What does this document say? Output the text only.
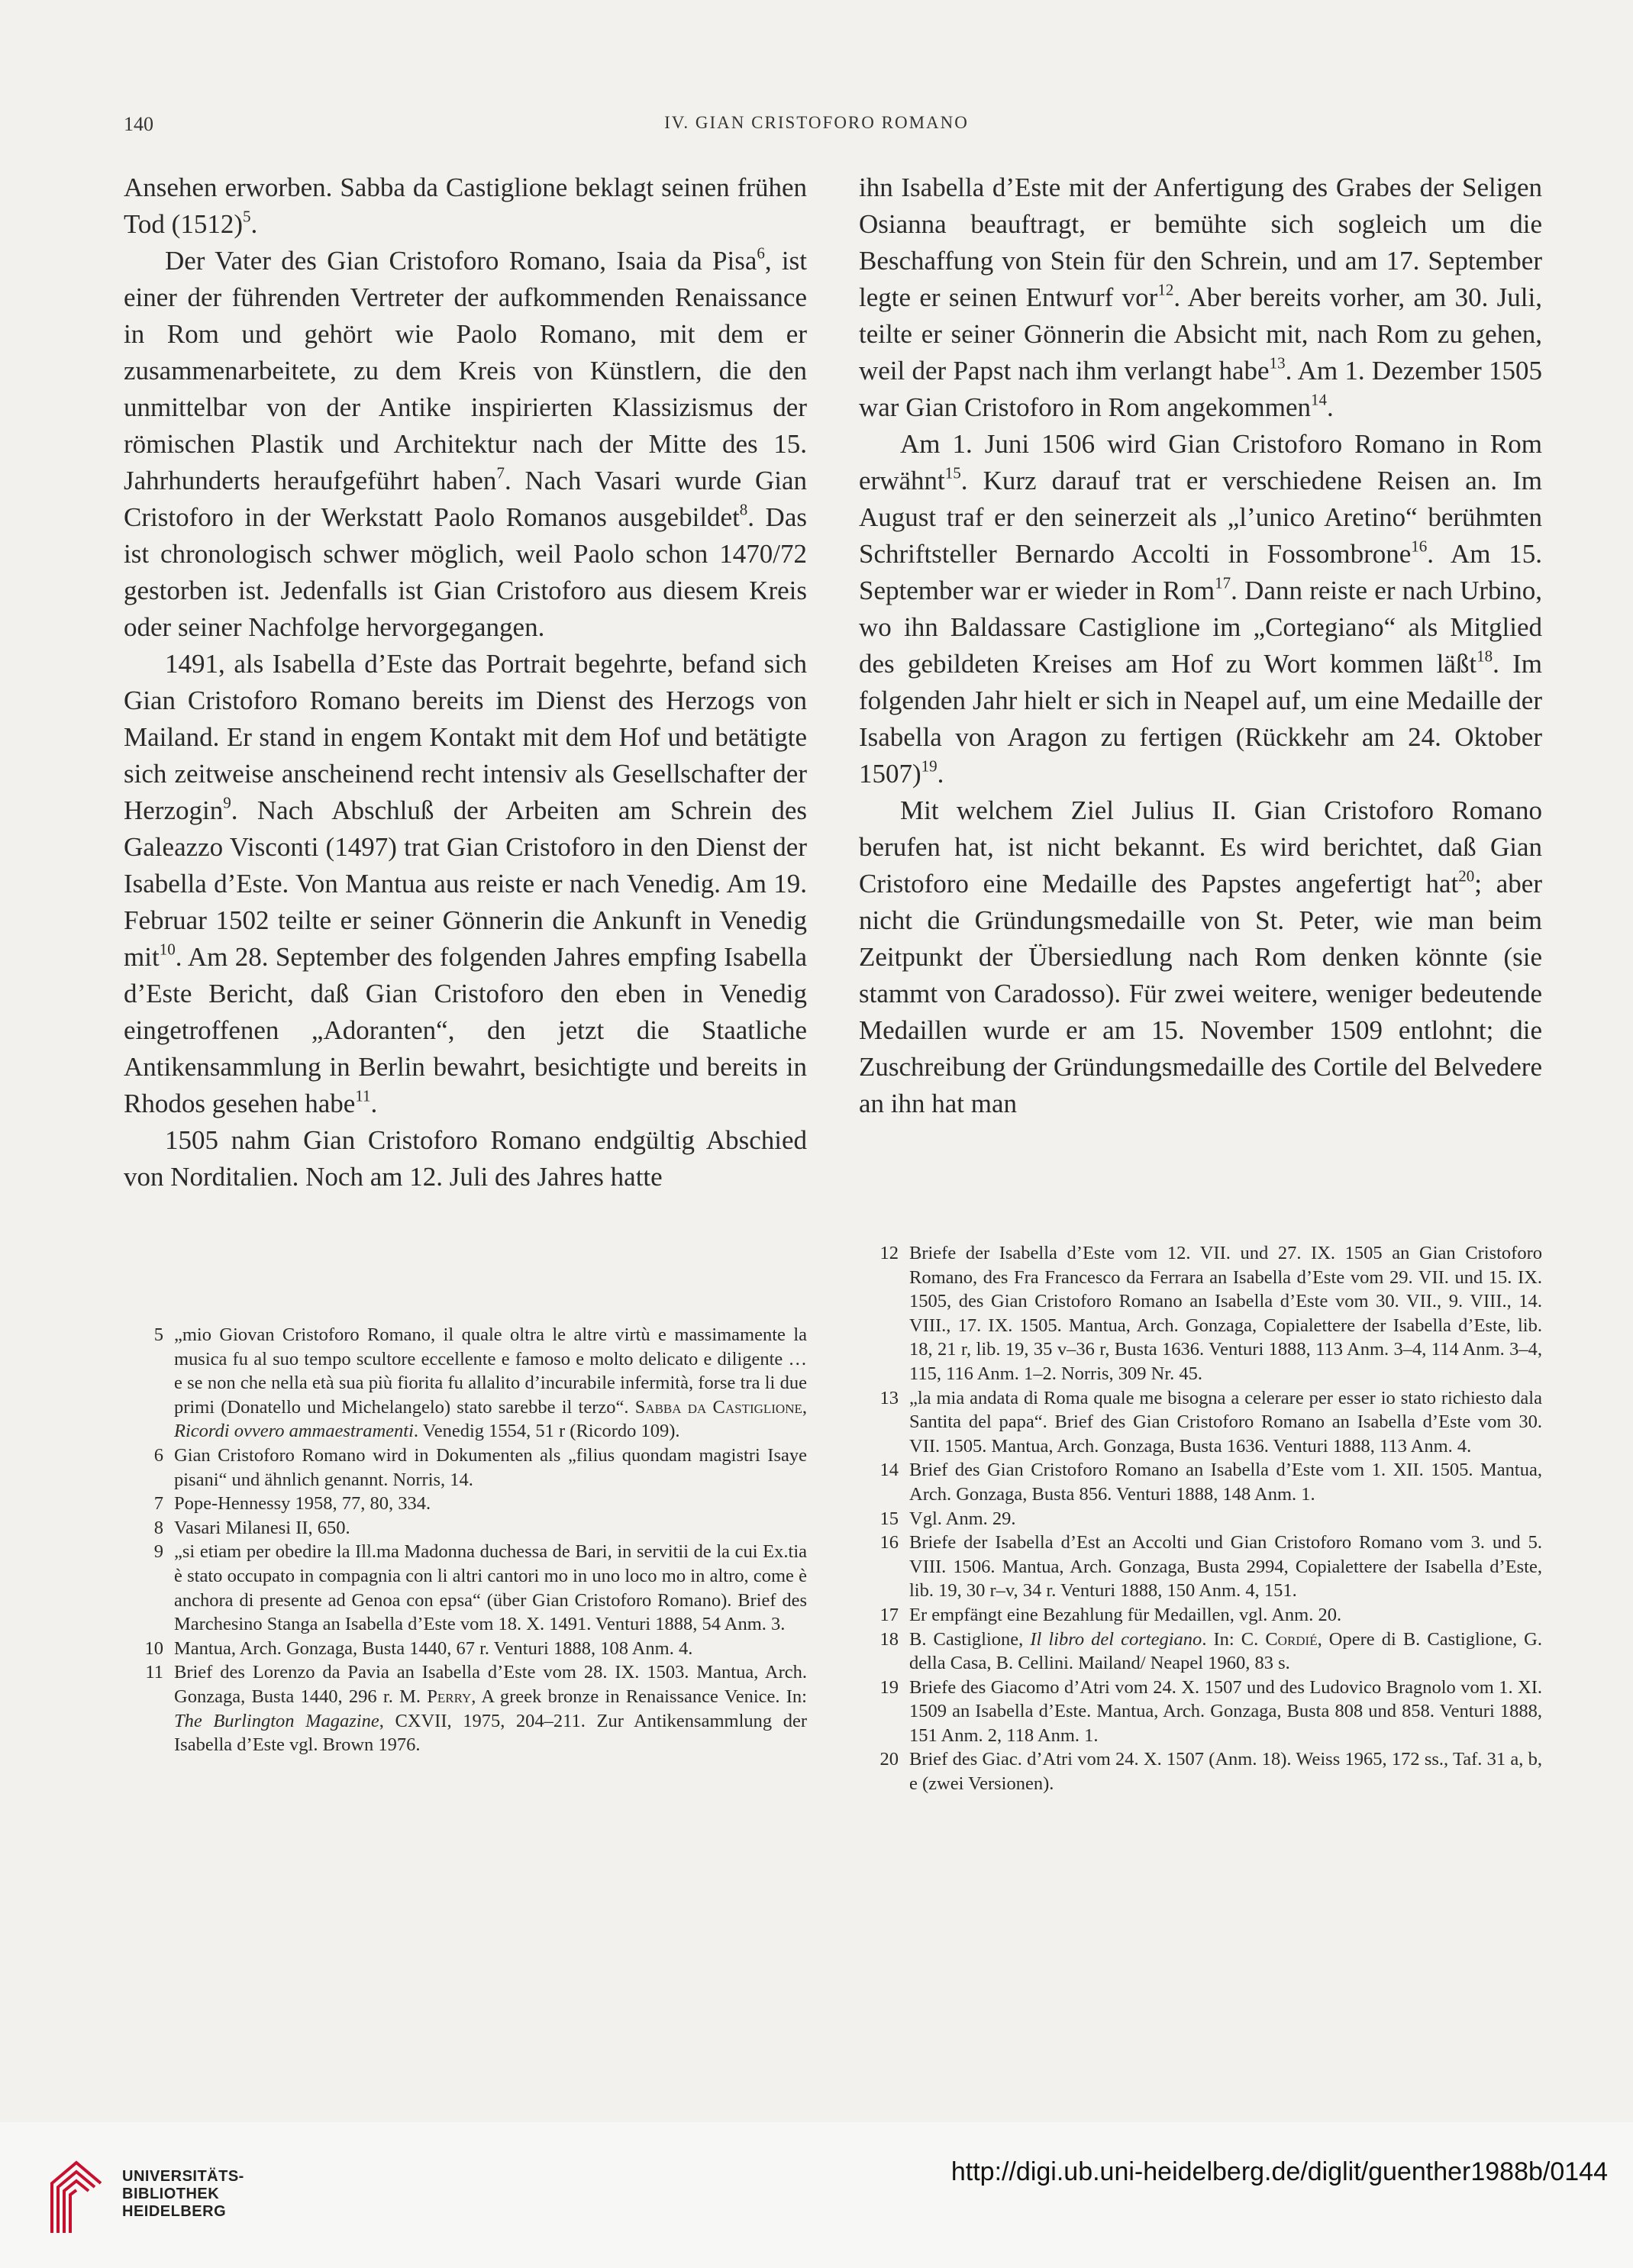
140	IV. GIAN CRISTOFORO ROMANO

Ansehen erworben. Sabba da Castiglione beklagt seinen frühen Tod $(1512)^5$.

Der Vater des Gian Cristoforo Romano, Isaia da Pisa$^6$, ist einer der führenden Vertreter der aufkommenden Renaissance in Rom und gehört wie Paolo Romano, mit dem er zusammenarbeitete, zu dem Kreis von Künstlern, die den unmittelbar von der Antike inspirierten Klassizismus der römischen Plastik und Architektur nach der Mitte des 15. Jahrhunderts heraufgeführt haben$^7$. Nach Vasari wurde Gian Cristoforo in der Werkstatt Paolo Romanos ausgebildet$^8$. Das ist chronologisch schwer möglich, weil Paolo schon 1470/72 gestorben ist. Jedenfalls ist Gian Cristoforo aus diesem Kreis oder seiner Nachfolge hervorgegangen.

1491, als Isabella d’Este das Portrait begehrte, befand sich Gian Cristoforo Romano bereits im Dienst des Herzogs von Mailand. Er stand in engem Kontakt mit dem Hof und betätigte sich zeitweise anscheinend recht intensiv als Gesellschafter der Herzogin$^9$. Nach Abschluß der Arbeiten am Schrein des Galeazzo Visconti (1497) trat Gian Cristoforo in den Dienst der Isabella d’Este. Von Mantua aus reiste er nach Venedig. Am 19. Februar 1502 teilte er seiner Gönnerin die Ankunft in Venedig mit$^{10}$. Am 28. September des folgenden Jahres empfing Isabella d’Este Bericht, daß Gian Cristoforo den eben in Venedig eingetroffenen „Adoranten“, den jetzt die Staatliche Antikensammlung in Berlin bewahrt, besichtigte und bereits in Rhodos gesehen habe$^{11}$.

1505 nahm Gian Cristoforo Romano endgültig Abschied von Norditalien. Noch am 12. Juli des Jahres hatte

ihn Isabella d’Este mit der Anfertigung des Grabes der Seligen Osianna beauftragt, er bemühte sich sogleich um die Beschaffung von Stein für den Schrein, und am 17. September legte er seinen Entwurf vor$^{12}$. Aber bereits vorher, am 30. Juli, teilte er seiner Gönnerin die Absicht mit, nach Rom zu gehen, weil der Papst nach ihm verlangt habe$^{13}$. Am 1. Dezember 1505 war Gian Cristoforo in Rom angekommen$^{14}$.

Am 1. Juni 1506 wird Gian Cristoforo Romano in Rom erwähnt$^{15}$. Kurz darauf trat er verschiedene Reisen an. Im August traf er den seinerzeit als „l’unico Aretino“ berühmten Schriftsteller Bernardo Accolti in Fossombrone$^{16}$. Am 15. September war er wieder in Rom$^{17}$. Dann reiste er nach Urbino, wo ihn Baldassare Castiglione im „Cortegiano“ als Mitglied des gebildeten Kreises am Hof zu Wort kommen läßt$^{18}$. Im folgenden Jahr hielt er sich in Neapel auf, um eine Medaille der Isabella von Aragon zu fertigen (Rückkehr am 24. Oktober 1507)$^{19}$.

Mit welchem Ziel Julius II. Gian Cristoforo Romano berufen hat, ist nicht bekannt. Es wird berichtet, daß Gian Cristoforo eine Medaille des Papstes angefertigt hat$^{20}$; aber nicht die Gründungsmedaille von St. Peter, wie man beim Zeitpunkt der Übersiedlung nach Rom denken könnte (sie stammt von Caradosso). Für zwei weitere, weniger bedeutende Medaillen wurde er am 15. November 1509 entlohnt; die Zuschreibung der Gründungsmedaille des Cortile del Belvedere an ihn hat man

5 „mio Giovan Cristoforo Romano, il quale oltra le altre virtù e massimamente la musica fu al suo tempo scultore eccellente e famoso e molto delicato e diligente … e se non che nella età sua più fiorita fu allalito d’incurabile infermità, forse tra li due primi (Donatello und Michelangelo) stato sarebbe il terzo“. Sabba da Castiglione, Ricordi ovvero ammaestramenti. Venedig 1554, 51 r (Ricordo 109).
6 Gian Cristoforo Romano wird in Dokumenten als „filius quondam magistri Isaye pisani“ und ähnlich genannt. Norris, 14.
7 Pope-Hennessy 1958, 77, 80, 334.
8 Vasari Milanesi II, 650.
9 „si etiam per obedire la Ill.ma Madonna duchessa de Bari, in servitii de la cui Ex.tia è stato occupato in compagnia con li altri cantori mo in uno loco mo in altro, come è anchora di presente ad Genoa con epsa“ (über Gian Cristoforo Romano). Brief des Marchesino Stanga an Isabella d’Este vom 18. X. 1491. Venturi 1888, 54 Anm. 3.
10 Mantua, Arch. Gonzaga, Busta 1440, 67 r. Venturi 1888, 108 Anm. 4.
11 Brief des Lorenzo da Pavia an Isabella d’Este vom 28. IX. 1503. Mantua, Arch. Gonzaga, Busta 1440, 296 r. M. Perry, A greek bronze in Renaissance Venice. In: The Burlington Magazine, CXVII, 1975, 204–211. Zur Antikensammlung der Isabella d’Este vgl. Brown 1976.
12 Briefe der Isabella d’Este vom 12. VII. und 27. IX. 1505 an Gian Cristoforo Romano, des Fra Francesco da Ferrara an Isabella d’Este vom 29. VII. und 15. IX. 1505, des Gian Cristoforo Romano an Isabella d’Este vom 30. VII., 9. VIII., 14. VIII., 17. IX. 1505. Mantua, Arch. Gonzaga, Copialettere der Isabella d’Este, lib. 18, 21 r, lib. 19, 35 v–36 r, Busta 1636. Venturi 1888, 113 Anm. 3–4, 114 Anm. 3–4, 115, 116 Anm. 1–2. Norris, 309 Nr. 45.
13 „la mia andata di Roma quale me bisogna a celerare per esser io stato richiesto dala Santita del papa“. Brief des Gian Cristoforo Romano an Isabella d’Este vom 30. VII. 1505. Mantua, Arch. Gonzaga, Busta 1636. Venturi 1888, 113 Anm. 4.
14 Brief des Gian Cristoforo Romano an Isabella d’Este vom 1. XII. 1505. Mantua, Arch. Gonzaga, Busta 856. Venturi 1888, 148 Anm. 1.
15 Vgl. Anm. 29.
16 Briefe der Isabella d’Est an Accolti und Gian Cristoforo Romano vom 3. und 5. VIII. 1506. Mantua, Arch. Gonzaga, Busta 2994, Copialettere der Isabella d’Este, lib. 19, 30 r–v, 34 r. Venturi 1888, 150 Anm. 4, 151.
17 Er empfängt eine Bezahlung für Medaillen, vgl. Anm. 20.
18 B. Castiglione, Il libro del cortegiano. In: C. Cordié, Opere di B. Castiglione, G. della Casa, B. Cellini. Mailand/ Neapel 1960, 83 s.
19 Briefe des Giacomo d’Atri vom 24. X. 1507 und des Ludovico Bragnolo vom 1. XI. 1509 an Isabella d’Este. Mantua, Arch. Gonzaga, Busta 808 und 858. Venturi 1888, 151 Anm. 2, 118 Anm. 1.
20 Brief des Giac. d’Atri vom 24. X. 1507 (Anm. 18). Weiss 1965, 172 ss., Taf. 31 a, b, e (zwei Versionen).
UNIVERSITÄTS-
BIBLIOTHEK
HEIDELBERG
http://digi.ub.uni-heidelberg.de/diglit/guenther1988b/0144
